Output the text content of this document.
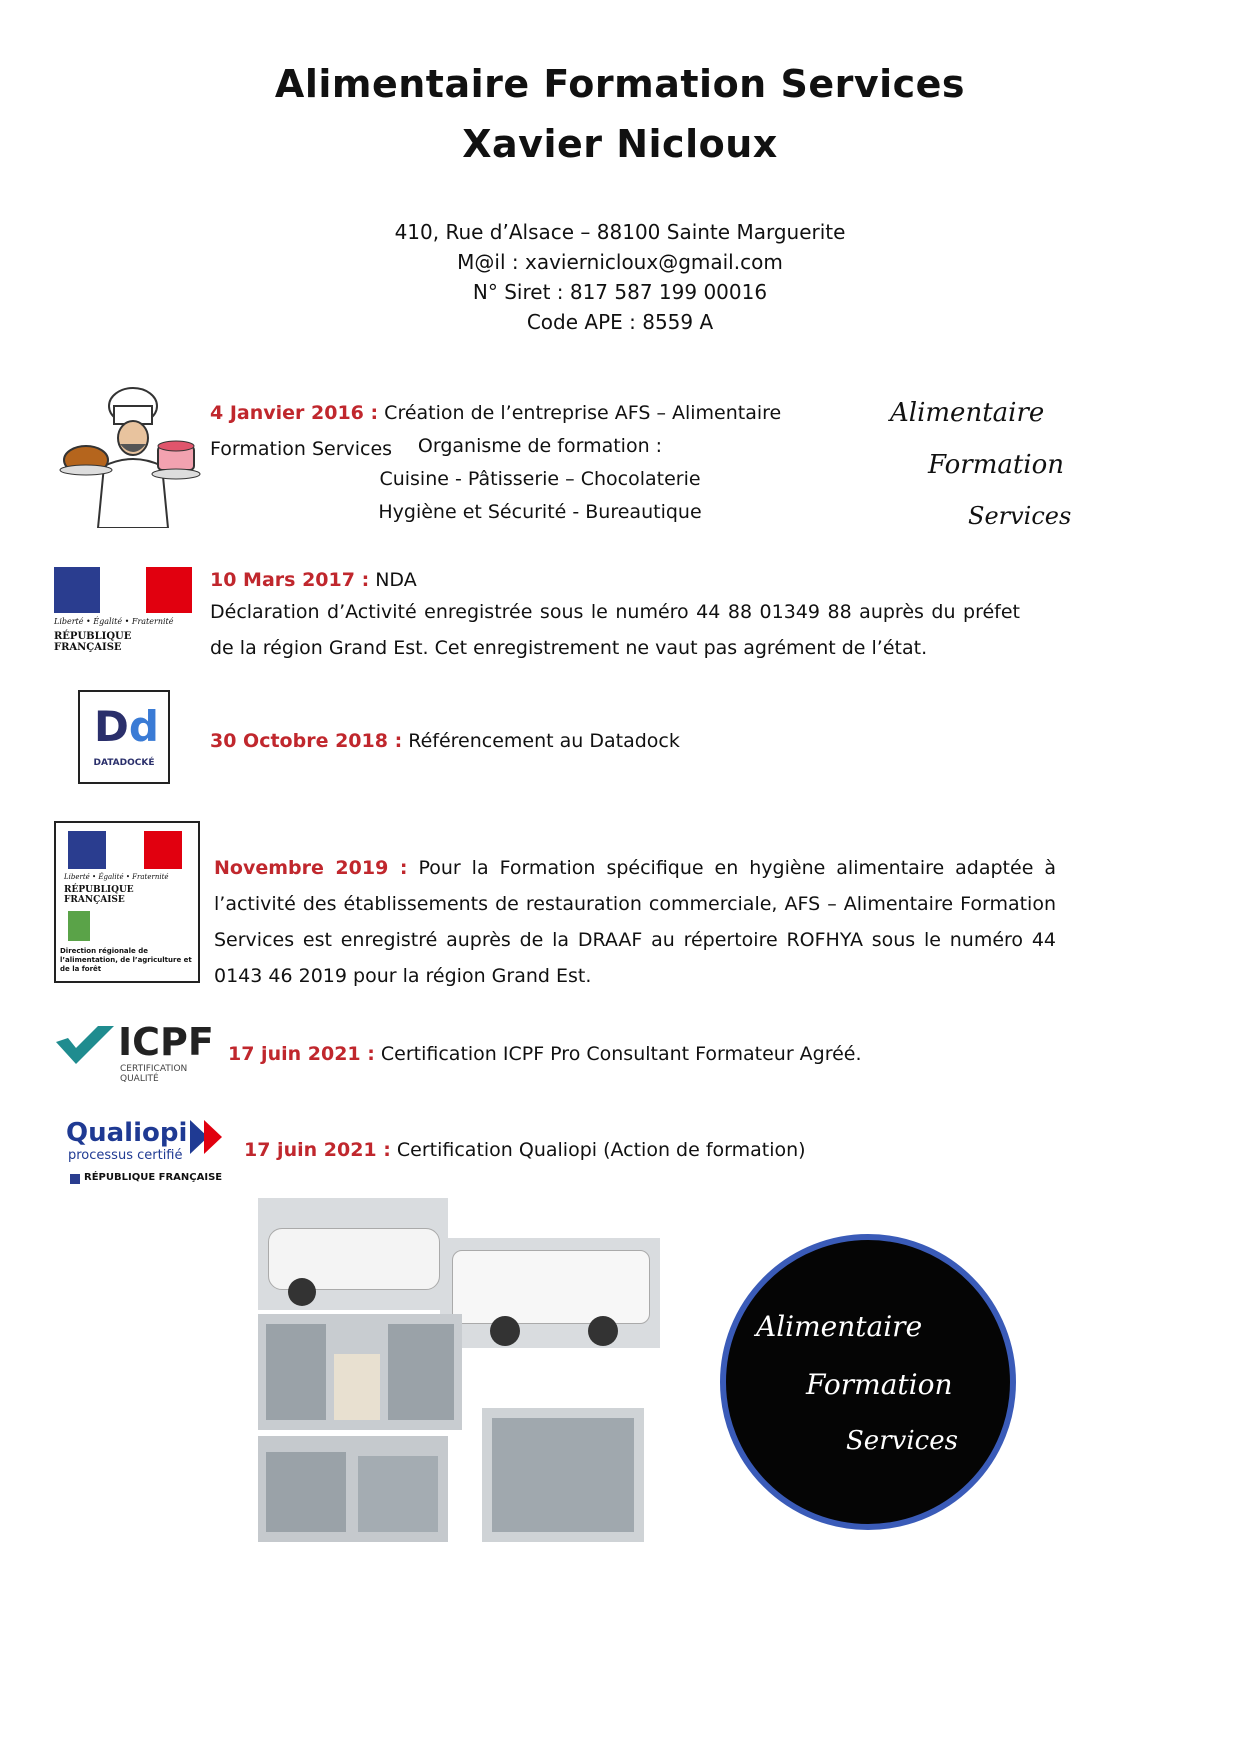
Alimentaire Formation Services
Xavier Nicloux
410, Rue d’Alsace – 88100 Sainte Marguerite
M@il : xaviernicloux@gmail.com
N° Siret : 817 587 199 00016
Code APE : 8559 A
4 Janvier 2016 : Création de l’entreprise AFS – Alimentaire Formation Services	Organisme de formation :
Cuisine - Pâtisserie – Chocolaterie
Hygiène et Sécurité - Bureautique
Alimentaire
Formation
Services
Liberté • Égalité • Fraternité
RÉPUBLIQUE FRANÇAISE
10 Mars 2017 : NDA
Déclaration d’Activité enregistrée sous le numéro 44 88 01349 88 auprès du préfet de la région Grand Est. Cet enregistrement ne vaut pas agrément de l’état.
Dd
DATADOCKÉ
30 Octobre 2018 : Référencement au Datadock
Liberté • Égalité • Fraternité
RÉPUBLIQUE FRANÇAISE
Direction régionale de l’alimentation, de l’agriculture et de la forêt
Novembre 2019 : Pour la Formation spécifique en hygiène alimentaire adaptée à l’activité des établissements de restauration commerciale, AFS – Alimentaire Formation Services est enregistré auprès de la DRAAF au répertoire ROFHYA sous le numéro 44 0143 46 2019 pour la région Grand Est.
ICPF
CERTIFICATION
QUALITÉ
17 juin 2021 : Certification ICPF Pro Consultant Formateur Agréé.
Qualiopi
processus certifié
RÉPUBLIQUE FRANÇAISE
17 juin 2021 : Certification Qualiopi (Action de formation)
Alimentaire
Formation
Services
